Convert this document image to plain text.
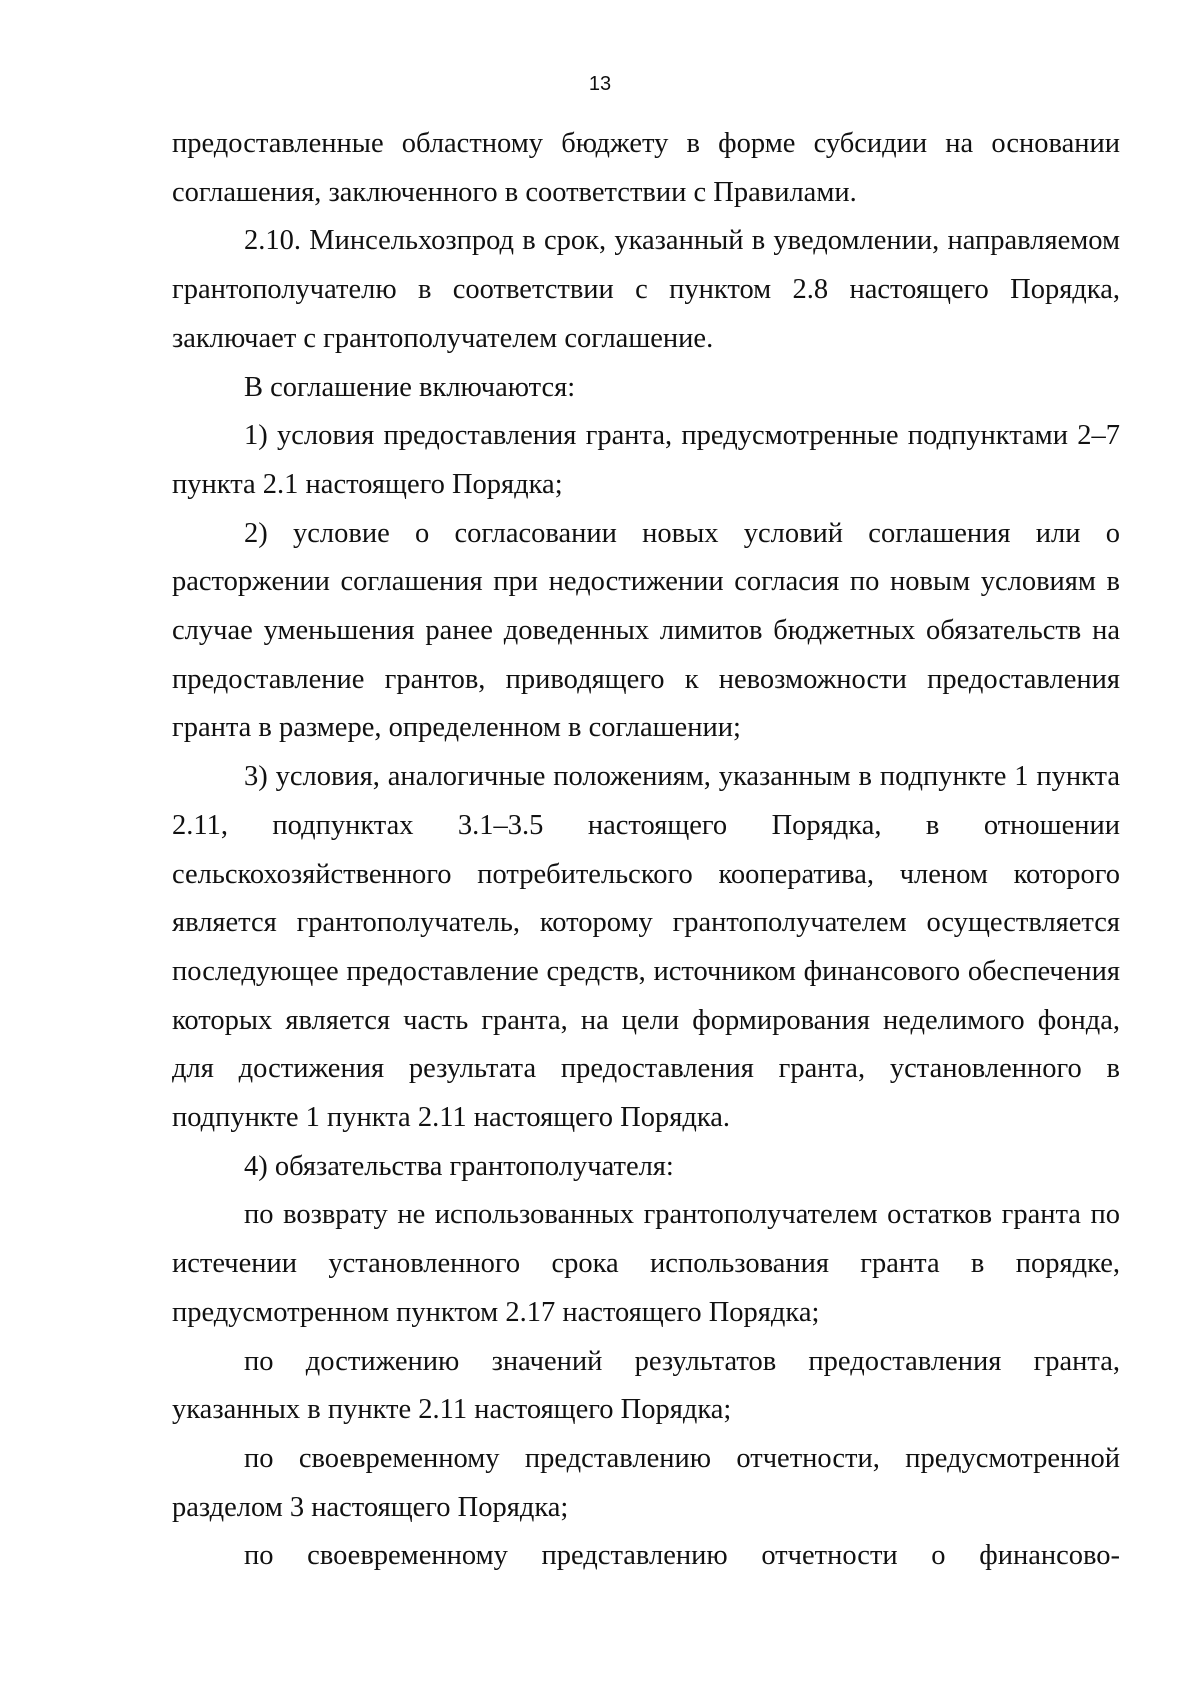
13

предоставленные областному бюджету в форме субсидии на основании соглашения, заключенного в соответствии с Правилами.

2.10. Минсельхозпрод в срок, указанный в уведомлении, направляемом грантополучателю в соответствии с пунктом 2.8 настоящего Порядка, заключает с грантополучателем соглашение.

В соглашение включаются:

1) условия предоставления гранта, предусмотренные подпунктами 2–7 пункта 2.1 настоящего Порядка;

2) условие о согласовании новых условий соглашения или о расторжении соглашения при недостижении согласия по новым условиям в случае уменьшения ранее доведенных лимитов бюджетных обязательств на предоставление грантов, приводящего к невозможности предоставления гранта в размере, определенном в соглашении;

3) условия, аналогичные положениям, указанным в подпункте 1 пункта 2.11, подпунктах 3.1–3.5 настоящего Порядка, в отношении сельскохозяйственного потребительского кооператива, членом которого является грантополучатель, которому грантополучателем осуществляется последующее предоставление средств, источником финансового обеспечения которых является часть гранта, на цели формирования неделимого фонда, для достижения результата предоставления гранта, установленного в подпункте 1 пункта 2.11 настоящего Порядка.

4) обязательства грантополучателя:

по возврату не использованных грантополучателем остатков гранта по истечении установленного срока использования гранта в порядке, предусмотренном пунктом 2.17 настоящего Порядка;

по достижению значений результатов предоставления гранта, указанных в пункте 2.11 настоящего Порядка;

по своевременному представлению отчетности, предусмотренной разделом 3 настоящего Порядка;

по своевременному представлению отчетности о финансово-
